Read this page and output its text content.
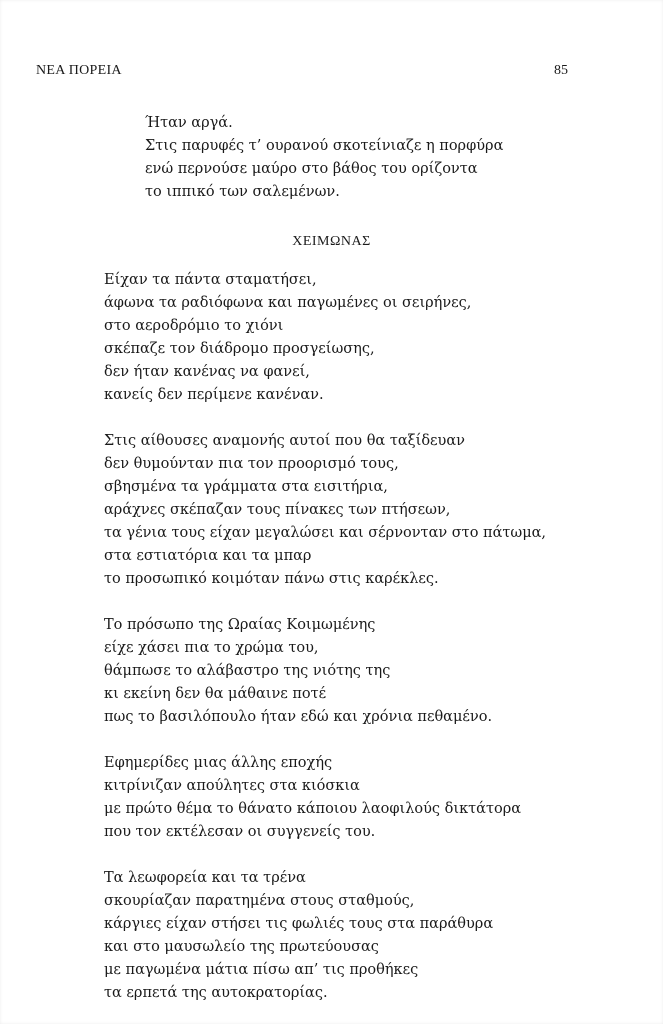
ΝΕΑ ΠΟΡΕΙΑ	85
Ήταν αργά.
Στις παρυφές τ’ ουρανού σκοτείνιαζε η πορφύρα
ενώ περνούσε μαύρο στο βάθος του ορίζοντα
το ιππικό των σαλεμένων.
ΧΕΙΜΩΝΑΣ
Είχαν τα πάντα σταματήσει,
άφωνα τα ραδιόφωνα και παγωμένες οι σειρήνες,
στο αεροδρόμιο το χιόνι
σκέπαζε τον διάδρομο προσγείωσης,
δεν ήταν κανένας να φανεί,
κανείς δεν περίμενε κανέναν.
Στις αίθουσες αναμονής αυτοί που θα ταξίδευαν
δεν θυμούνταν πια τον προορισμό τους,
σβησμένα τα γράμματα στα εισιτήρια,
αράχνες σκέπαζαν τους πίνακες των πτήσεων,
τα γένια τους είχαν μεγαλώσει και σέρνονταν στο πάτωμα,
στα εστιατόρια και τα μπαρ
το προσωπικό κοιμόταν πάνω στις καρέκλες.
Το πρόσωπο της Ωραίας Κοιμωμένης
είχε χάσει πια το χρώμα του,
θάμπωσε το αλάβαστρο της νιότης της
κι εκείνη δεν θα μάθαινε ποτέ
πως το βασιλόπουλο ήταν εδώ και χρόνια πεθαμένο.
Εφημερίδες μιας άλλης εποχής
κιτρίνιζαν απούλητες στα κιόσκια
με πρώτο θέμα το θάνατο κάποιου λαοφιλούς δικτάτορα
που τον εκτέλεσαν οι συγγενείς του.
Τα λεωφορεία και τα τρένα
σκουρίαζαν παρατημένα στους σταθμούς,
κάργιες είχαν στήσει τις φωλιές τους στα παράθυρα
και στο μαυσωλείο της πρωτεύουσας
με παγωμένα μάτια πίσω απ’ τις προθήκες
τα ερπετά της αυτοκρατορίας.
